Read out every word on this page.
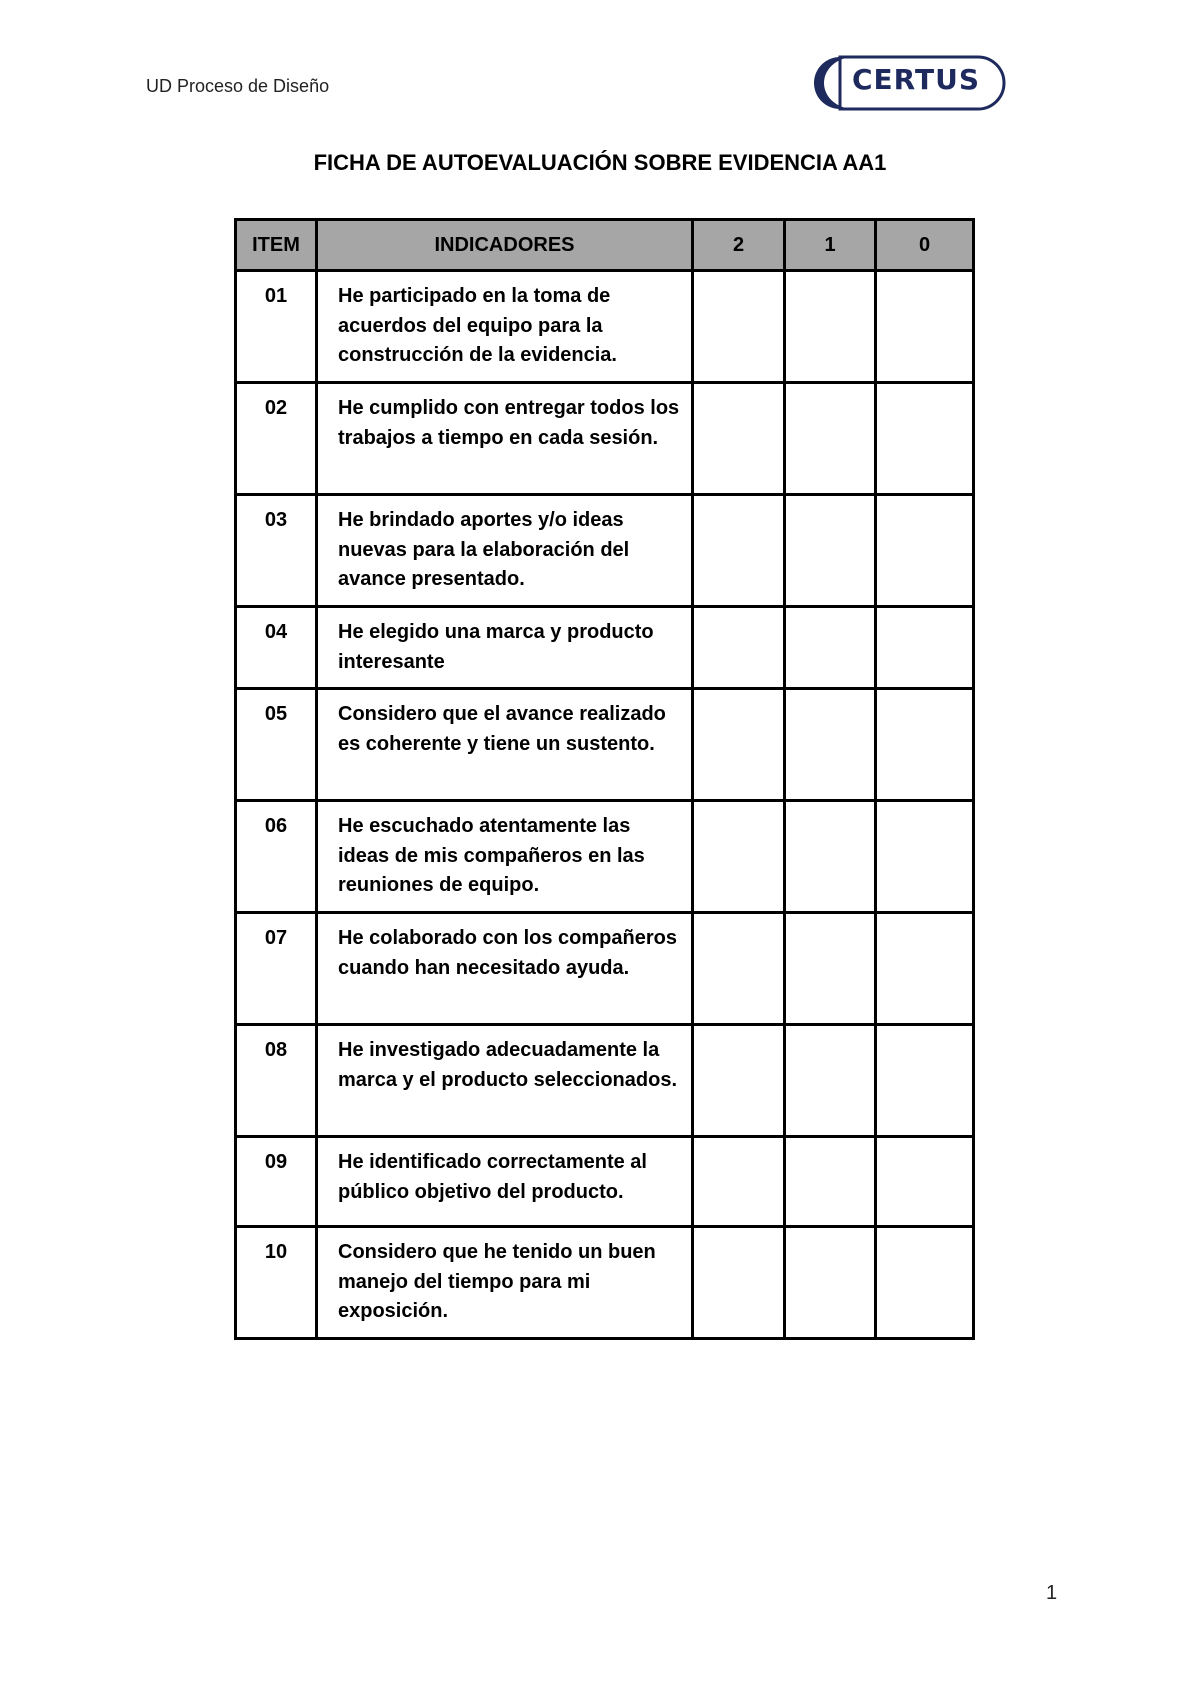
UD Proceso de Diseño	CERTUS
FICHA DE AUTOEVALUACIÓN SOBRE EVIDENCIA AA1
ITEM	INDICADORES	2	1	0
01	He participado en la toma de acuerdos del equipo para la construcción de la evidencia.			
02	He cumplido con entregar todos los trabajos a tiempo en cada sesión.			
03	He brindado aportes y/o ideas nuevas para la elaboración del avance presentado.			
04	He elegido una marca y producto interesante			
05	Considero que el avance realizado es coherente y tiene un sustento.			
06	He escuchado atentamente las ideas de mis compañeros en las reuniones de equipo.			
07	He colaborado con los compañeros cuando han necesitado ayuda.			
08	He investigado adecuadamente la marca y el producto seleccionados.			
09	He identificado correctamente al público objetivo del producto.			
10	Considero que he tenido un buen manejo del tiempo para mi exposición.			
1
